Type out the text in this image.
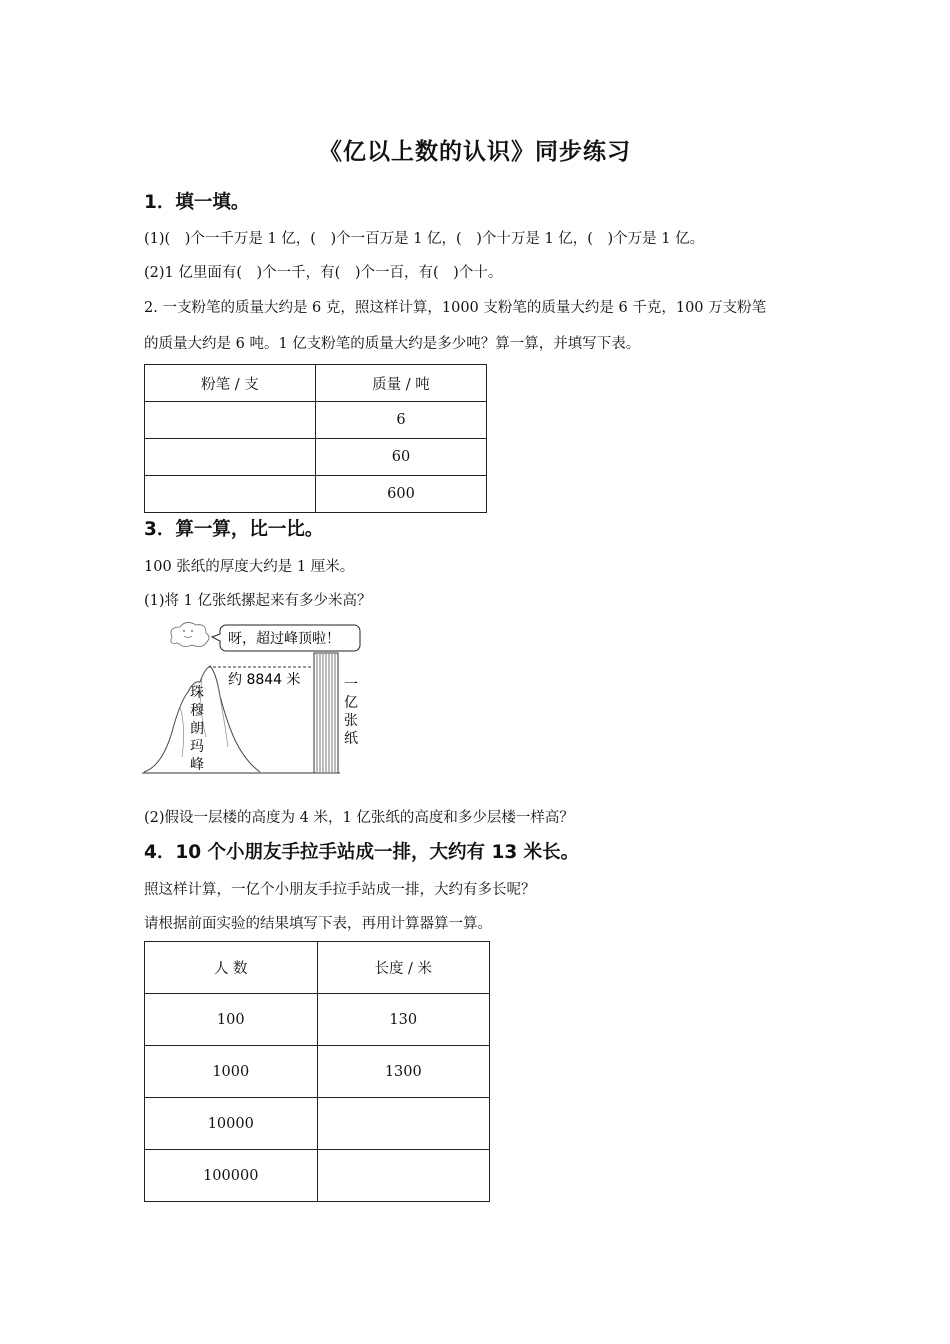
《亿以上数的认识》同步练习
1．填一填。
(1)(　)个一千万是 1 亿，(　)个一百万是 1 亿，(　)个十万是 1 亿，(　)个万是 1 亿。
(2)1 亿里面有(　)个一千，有(　)个一百，有(　)个十。
2. 一支粉笔的质量大约是 6 克，照这样计算，1000 支粉笔的质量大约是 6 千克，100 万支粉笔
的质量大约是 6 吨。1 亿支粉笔的质量大约是多少吨？算一算，并填写下表。
粉笔 / 支	质量 / 吨
	6
	60
	600
3．算一算，比一比。
100 张纸的厚度大约是 1 厘米。
(1)将 1 亿张纸摞起来有多少米高？
呀，超过峰顶啦！
约 8844 米
珠
穆
朗
玛
峰
一
亿
张
纸
(2)假设一层楼的高度为 4 米，1 亿张纸的高度和多少层楼一样高？
4．10 个小朋友手拉手站成一排，大约有 13 米长。
照这样计算，一亿个小朋友手拉手站成一排，大约有多长呢？
请根据前面实验的结果填写下表，再用计算器算一算。
人 数	长度 / 米
100	130
1000	1300
10000	
100000	
